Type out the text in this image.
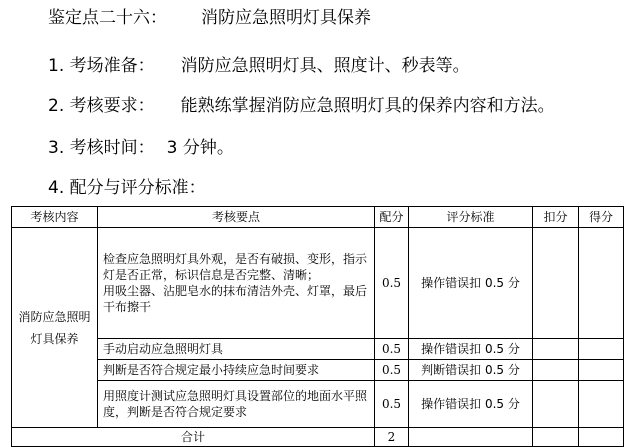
鉴定点二十六： 消防应急照明灯具保养
1. 考场准备： 消防应急照明灯具、照度计、秒表等。
2. 考核要求： 能熟练掌握消防应急照明灯具的保养内容和方法。
3. 考核时间： 3 分钟。
4. 配分与评分标准：
考核内容	考核要点	配分	评分标准	扣分	得分
消防应急照明灯具保养	检查应急照明灯具外观，是否有破损、变形，指示灯是否正常，标识信息是否完整、清晰；
用吸尘器、沾肥皂水的抹布清洁外壳、灯罩，最后干布擦干	0.5	操作错误扣 0.5 分		
	手动启动应急照明灯具	0.5	操作错误扣 0.5 分		
	判断是否符合规定最小持续应急时间要求	0.5	判断错误扣 0.5 分		
	用照度计测试应急照明灯具设置部位的地面水平照度，判断是否符合规定要求	0.5	操作错误扣 0.5 分		
合计		2			
